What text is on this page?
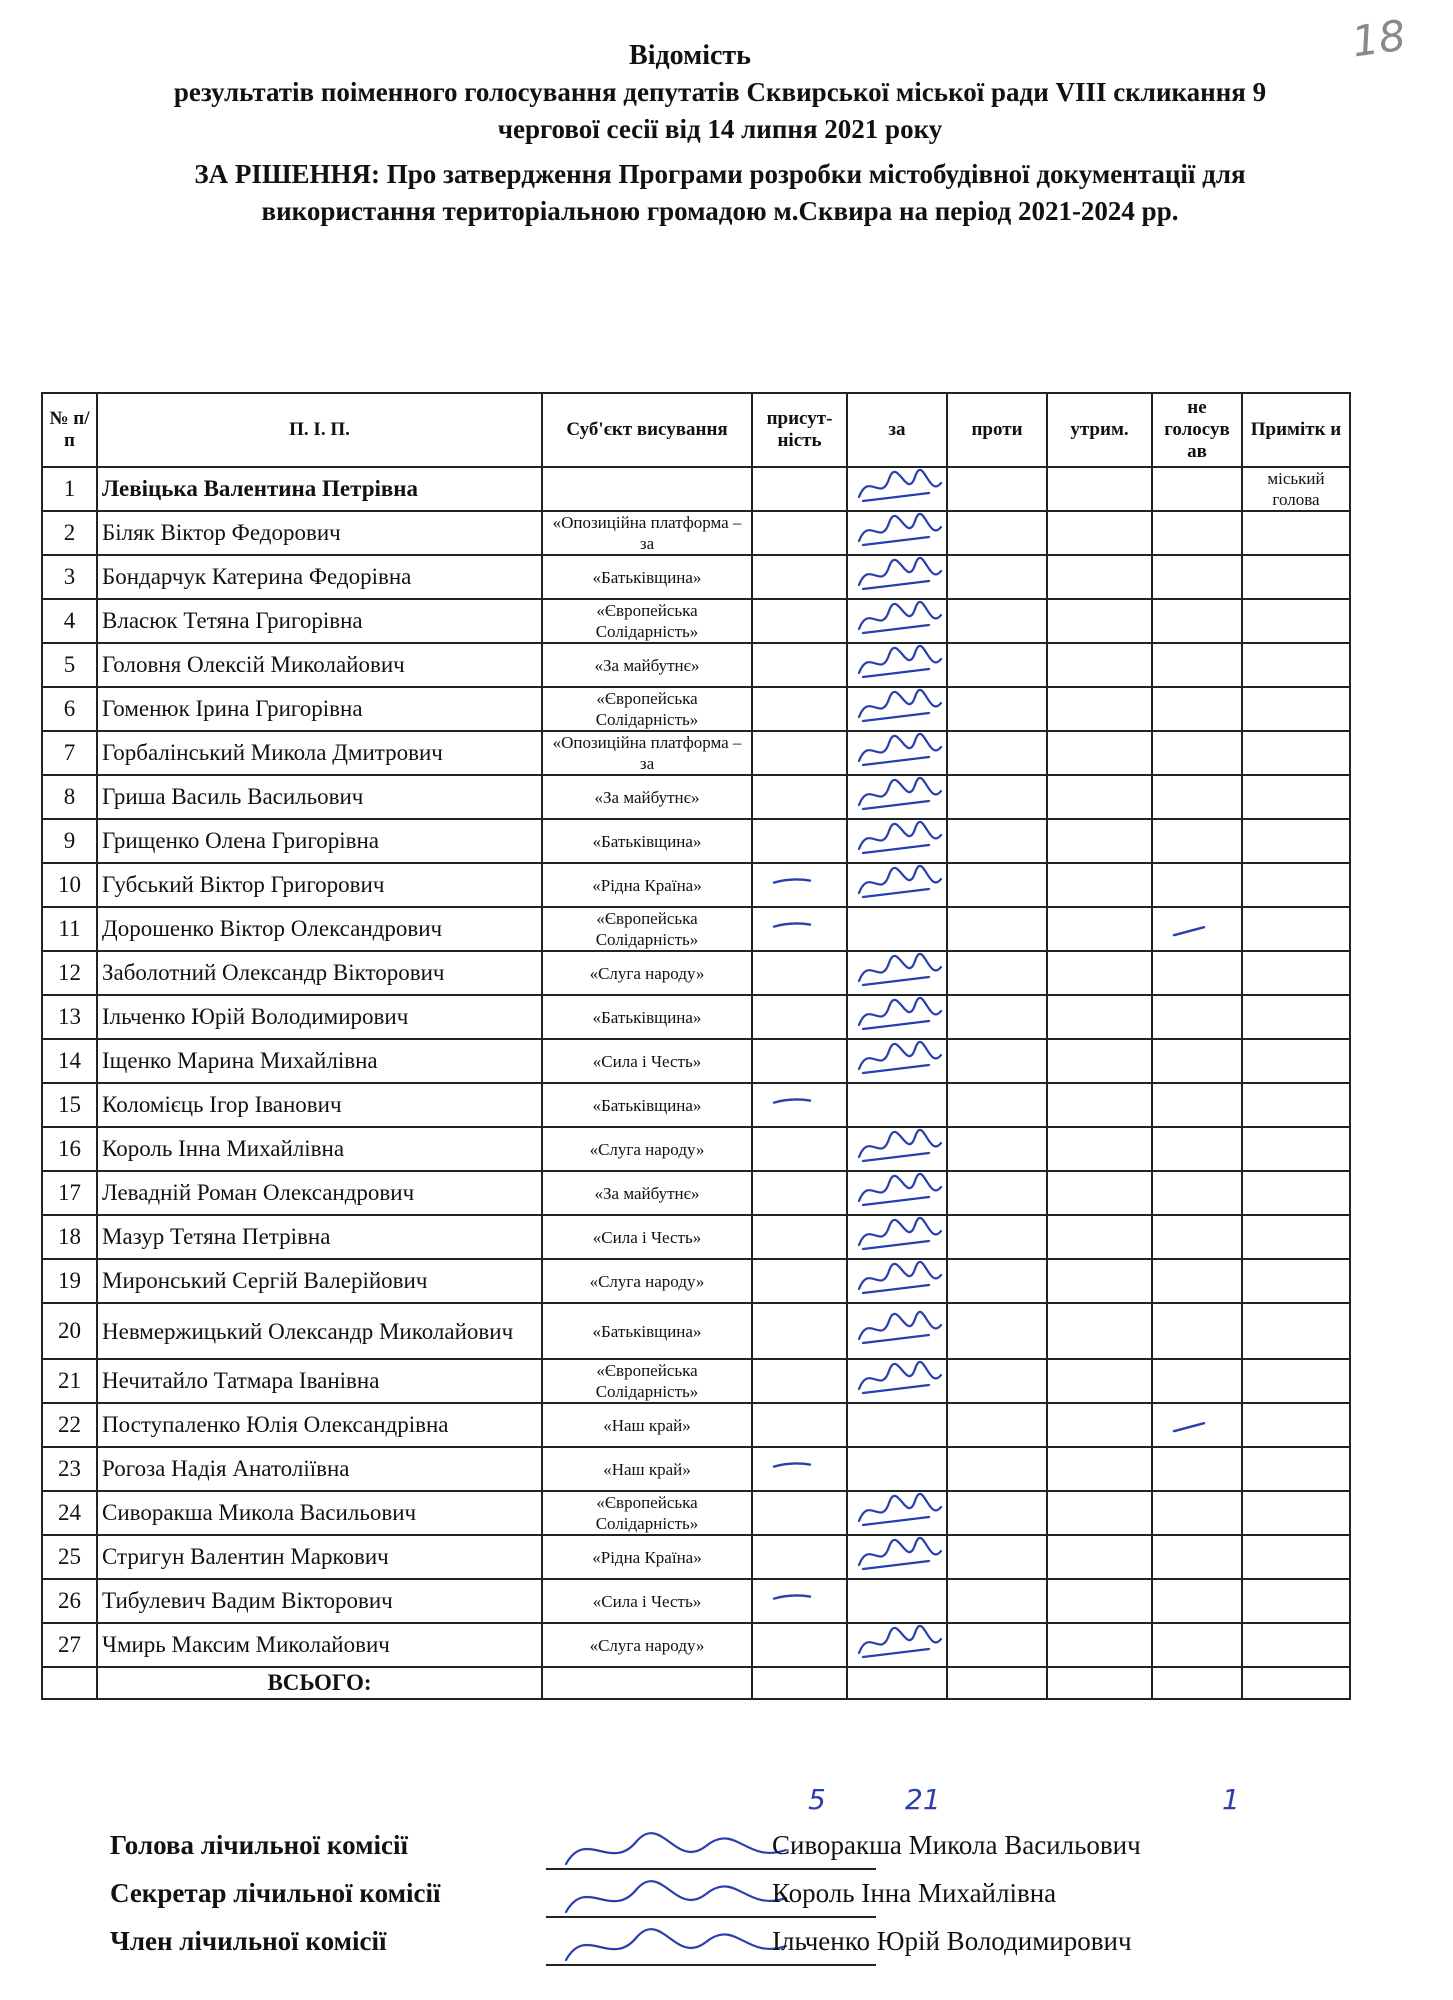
18
Відомість
результатів поіменного голосування депутатів Сквирської міської ради VIII скликання 9
чергової сесії від 14 липня 2021 року
ЗА РІШЕННЯ: Про затвердження Програми розробки містобудівної документації для
використання територіальною громадою м.Сквира на період 2021-2024 рр.
№ п/п	П. І. П.	Суб'єкт висування	присут-ність	за	проти	утрим.	не голосув ав	Примітк и
1	Левіцька Валентина Петрівна							міський голова
2	Біляк Віктор Федорович	«Опозиційна платформа – за						
3	Бондарчук Катерина Федорівна	«Батьківщина»						
4	Власюк Тетяна Григорівна	«Європейська Солідарність»						
5	Головня Олексій Миколайович	«За майбутнє»						
6	Гоменюк Ірина Григорівна	«Європейська Солідарність»						
7	Горбалінський Микола Дмитрович	«Опозиційна платформа – за						
8	Гриша Василь Васильович	«За майбутнє»						
9	Грищенко Олена Григорівна	«Батьківщина»						
10	Губський Віктор Григорович	«Рідна Країна»						
11	Дорошенко Віктор Олександрович	«Європейська Солідарність»						
12	Заболотний Олександр Вікторович	«Слуга народу»						
13	Ільченко Юрій Володимирович	«Батьківщина»						
14	Іщенко Марина Михайлівна	«Сила і Честь»						
15	Коломієць Ігор Іванович	«Батьківщина»						
16	Король Інна Михайлівна	«Слуга народу»						
17	Левадній Роман Олександрович	«За майбутнє»						
18	Мазур Тетяна Петрівна	«Сила і Честь»						
19	Миронський Сергій Валерійович	«Слуга народу»						
20	Невмержицький Олександр Миколайович	«Батьківщина»						
21	Нечитайло Татмара Іванівна	«Європейська Солідарність»						
22	Поступаленко Юлія Олександрівна	«Наш край»						
23	Рогоза Надія Анатоліївна	«Наш край»						
24	Сиворакша Микола Васильович	«Європейська Солідарність»						
25	Стригун Валентин Маркович	«Рідна Країна»						
26	Тибулевич Вадим Вікторович	«Сила і Честь»						
27	Чмирь Максим Миколайович	«Слуга народу»						
	ВСЬОГО:							
5	21	1
Голова лічильної комісії	Сиворакша Микола Васильович
Секретар лічильної комісії	Король Інна Михайлівна
Член лічильної комісії	Ільченко Юрій Володимирович
